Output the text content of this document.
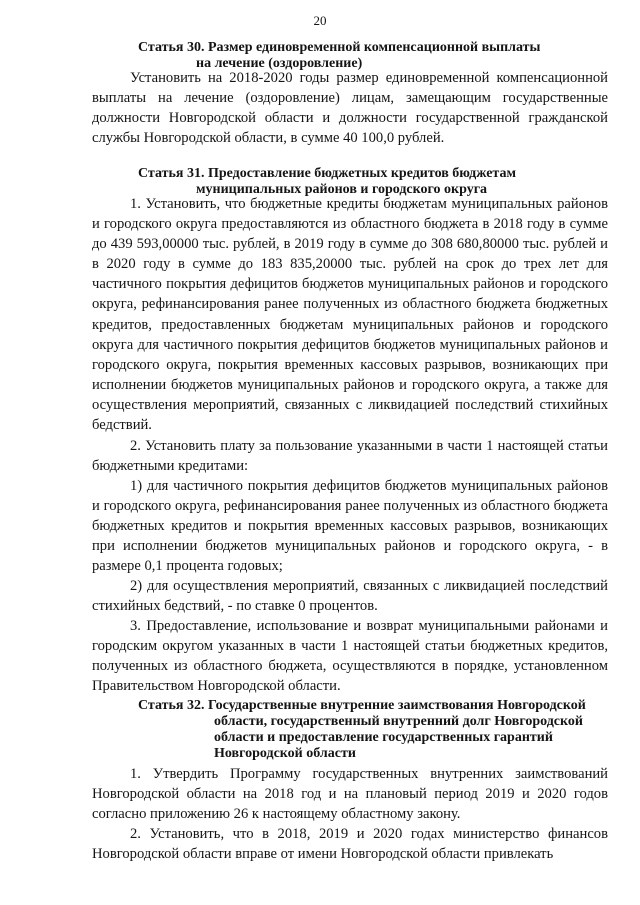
20
Статья 30. Размер единовременной компенсационной выплаты
на лечение (оздоровление)
Установить на 2018-2020 годы размер единовременной компенсационной выплаты на лечение (оздоровление) лицам, замещающим государственные должности Новгородской области и должности государственной гражданской службы Новгородской области, в сумме 40 100,0 рублей.
Статья 31. Предоставление бюджетных кредитов бюджетам
муниципальных районов и городского округа
1. Установить, что бюджетные кредиты бюджетам муниципальных районов и городского округа предоставляются из областного бюджета в 2018 году в сумме до 439 593,00000 тыс. рублей, в 2019 году в сумме до 308 680,80000 тыс. рублей и в 2020 году в сумме до 183 835,20000 тыс. рублей на срок до трех лет для частичного покрытия дефицитов бюджетов муниципальных районов и городского округа, рефинансирования ранее полученных из областного бюджета бюджетных кредитов, предоставленных бюджетам муниципальных районов и городского округа для частичного покрытия дефицитов бюджетов муниципальных районов и городского округа, покрытия временных кассовых разрывов, возникающих при исполнении бюджетов муниципальных районов и городского округа, а также для осуществления мероприятий, связанных с ликвидацией последствий стихийных бедствий.
2. Установить плату за пользование указанными в части 1 настоящей статьи бюджетными кредитами:
1) для частичного покрытия дефицитов бюджетов муниципальных районов и городского округа, рефинансирования ранее полученных из областного бюджета бюджетных кредитов и покрытия временных кассовых разрывов, возникающих при исполнении бюджетов муниципальных районов и городского округа, - в размере 0,1 процента годовых;
2) для осуществления мероприятий, связанных с ликвидацией последствий стихийных бедствий, - по ставке 0 процентов.
3. Предоставление, использование и возврат муниципальными районами и городским округом указанных в части 1 настоящей статьи бюджетных кредитов, полученных из областного бюджета, осуществляются в порядке, установленном Правительством Новгородской области.
Статья 32. Государственные внутренние заимствования Новгородской
области, государственный внутренний долг Новгородской
области и предоставление государственных гарантий
Новгородской области
1. Утвердить Программу государственных внутренних заимствований Новгородской области на 2018 год и на плановый период 2019 и 2020 годов согласно приложению 26 к настоящему областному закону.
2. Установить, что в 2018, 2019 и 2020 годах министерство финансов Новгородской области вправе от имени Новгородской области привлекать
